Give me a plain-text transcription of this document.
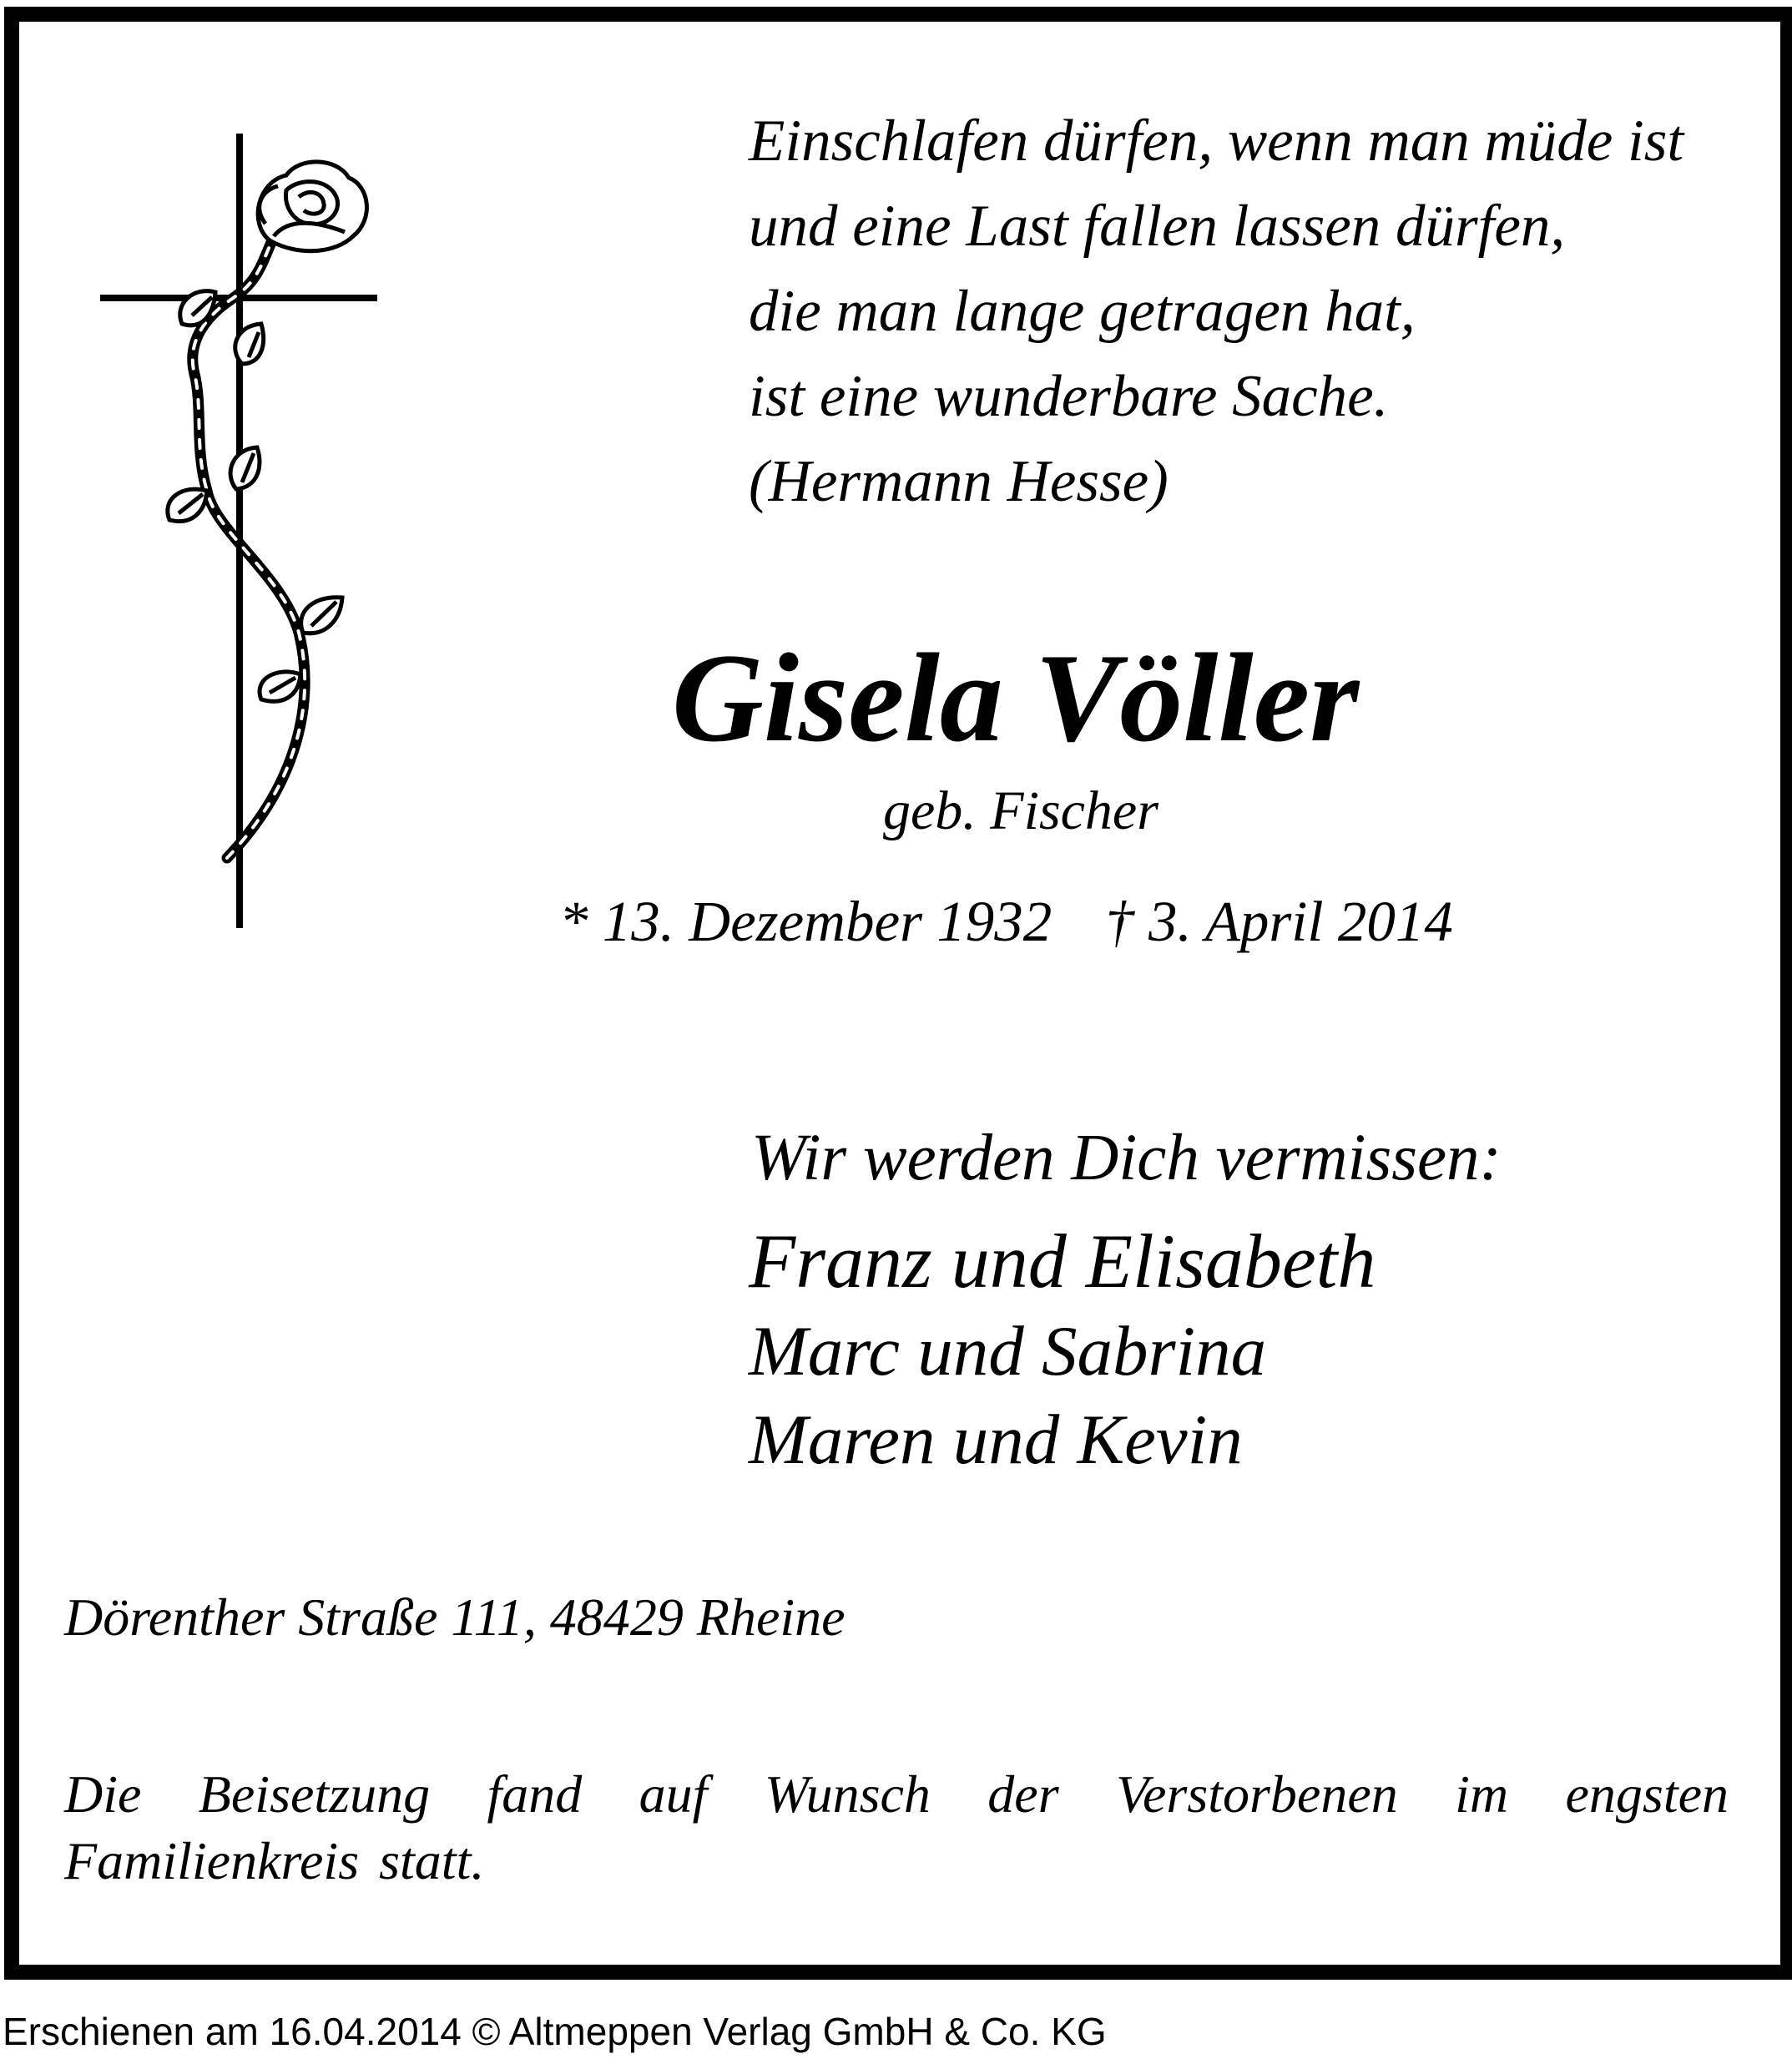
Einschlafen dürfen, wenn man müde ist
und eine Last fallen lassen dürfen,
die man lange getragen hat,
ist eine wunderbare Sache.
(Hermann Hesse)
Gisela Völler
geb. Fischer
* 13. Dezember 1932 † 3. April 2014
Wir werden Dich vermissen:
Franz und Elisabeth
Marc und Sabrina
Maren und Kevin
Dörenther Straße 111, 48429 Rheine
Die Beisetzung fand auf Wunsch der Verstorbenen im engsten Familienkreis statt.
Erschienen am 16.04.2014 © Altmeppen Verlag GmbH & Co. KG
